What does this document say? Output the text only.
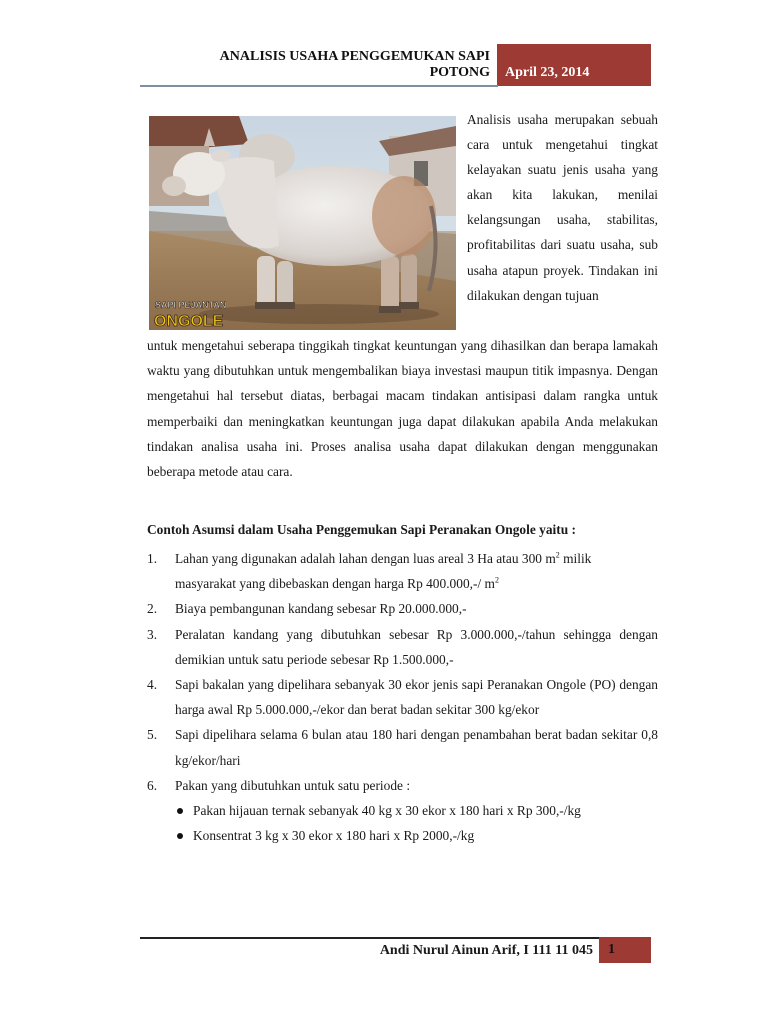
ANALISIS USAHA PENGGEMUKAN SAPI
POTONG April 23, 2014
SAPI PEJANTAN
ONGOLE

Analisis usaha merupakan sebuah cara untuk mengetahui tingkat kelayakan suatu jenis usaha yang akan kita lakukan, menilai kelangsungan usaha, stabilitas, profitabilitas dari suatu usaha, sub usaha atapun proyek. Tindakan ini dilakukan dengan tujuan

untuk mengetahui seberapa tinggikah tingkat keuntungan yang dihasilkan dan berapa lamakah waktu yang dibutuhkan untuk mengembalikan biaya investasi maupun titik impasnya. Dengan mengetahui hal tersebut diatas, berbagai macam tindakan antisipasi dalam rangka untuk memperbaiki dan meningkatkan keuntungan juga dapat dilakukan apabila Anda melakukan tindakan analisa usaha ini. Proses analisa usaha dapat dilakukan dengan menggunakan beberapa metode atau cara.

Contoh Asumsi dalam Usaha Penggemukan Sapi Peranakan Ongole yaitu :
1. Lahan yang digunakan adalah lahan dengan luas areal 3 Ha atau 300 $m^2$ milik
masyarakat yang dibebaskan dengan harga Rp 400.000,-/ $m^2$
2. Biaya pembangunan kandang sebesar Rp 20.000.000,-
3. Peralatan kandang yang dibutuhkan sebesar Rp 3.000.000,-/tahun sehingga dengan demikian untuk satu periode sebesar Rp 1.500.000,-
4. Sapi bakalan yang dipelihara sebanyak 30 ekor jenis sapi Peranakan Ongole (PO) dengan harga awal Rp 5.000.000,-/ekor dan berat badan sekitar 300 kg/ekor
5. Sapi dipelihara selama 6 bulan atau 180 hari dengan penambahan berat badan sekitar 0,8 kg/ekor/hari
6. Pakan yang dibutuhkan untuk satu periode :
Pakan hijauan ternak sebanyak 40 kg x 30 ekor x 180 hari x Rp 300,-/kg
Konsentrat 3 kg x 30 ekor x 180 hari x Rp 2000,-/kg
Andi Nurul Ainun Arif, I 111 11 045 1
